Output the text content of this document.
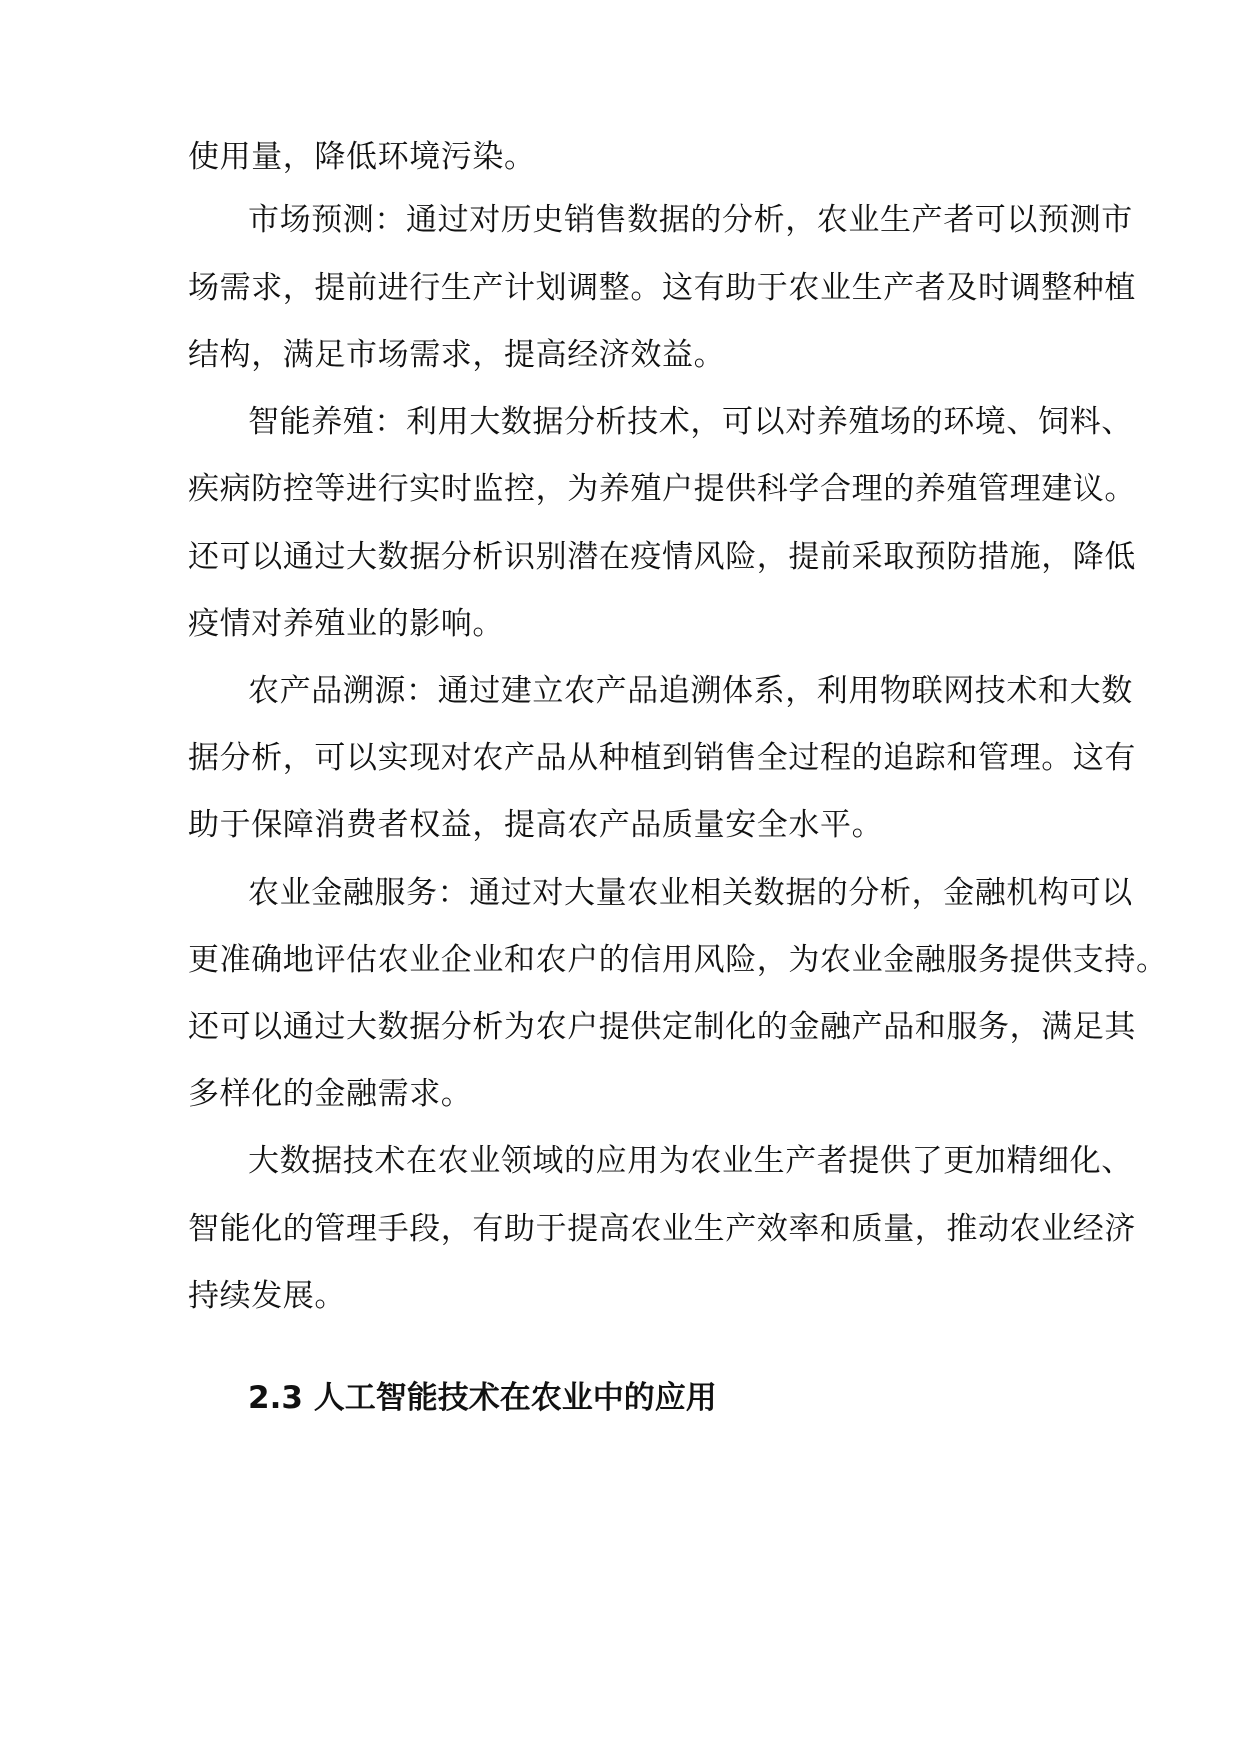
使用量，降低环境污染。
市场预测：通过对历史销售数据的分析，农业生产者可以预测市
场需求，提前进行生产计划调整。这有助于农业生产者及时调整种植
结构，满足市场需求，提高经济效益。
智能养殖：利用大数据分析技术，可以对养殖场的环境、饲料、
疾病防控等进行实时监控，为养殖户提供科学合理的养殖管理建议。
还可以通过大数据分析识别潜在疫情风险，提前采取预防措施，降低
疫情对养殖业的影响。
农产品溯源：通过建立农产品追溯体系，利用物联网技术和大数
据分析，可以实现对农产品从种植到销售全过程的追踪和管理。这有
助于保障消费者权益，提高农产品质量安全水平。
农业金融服务：通过对大量农业相关数据的分析，金融机构可以
更准确地评估农业企业和农户的信用风险，为农业金融服务提供支持。
还可以通过大数据分析为农户提供定制化的金融产品和服务，满足其
多样化的金融需求。
大数据技术在农业领域的应用为农业生产者提供了更加精细化、
智能化的管理手段，有助于提高农业生产效率和质量，推动农业经济
持续发展。
2.3 人工智能技术在农业中的应用
